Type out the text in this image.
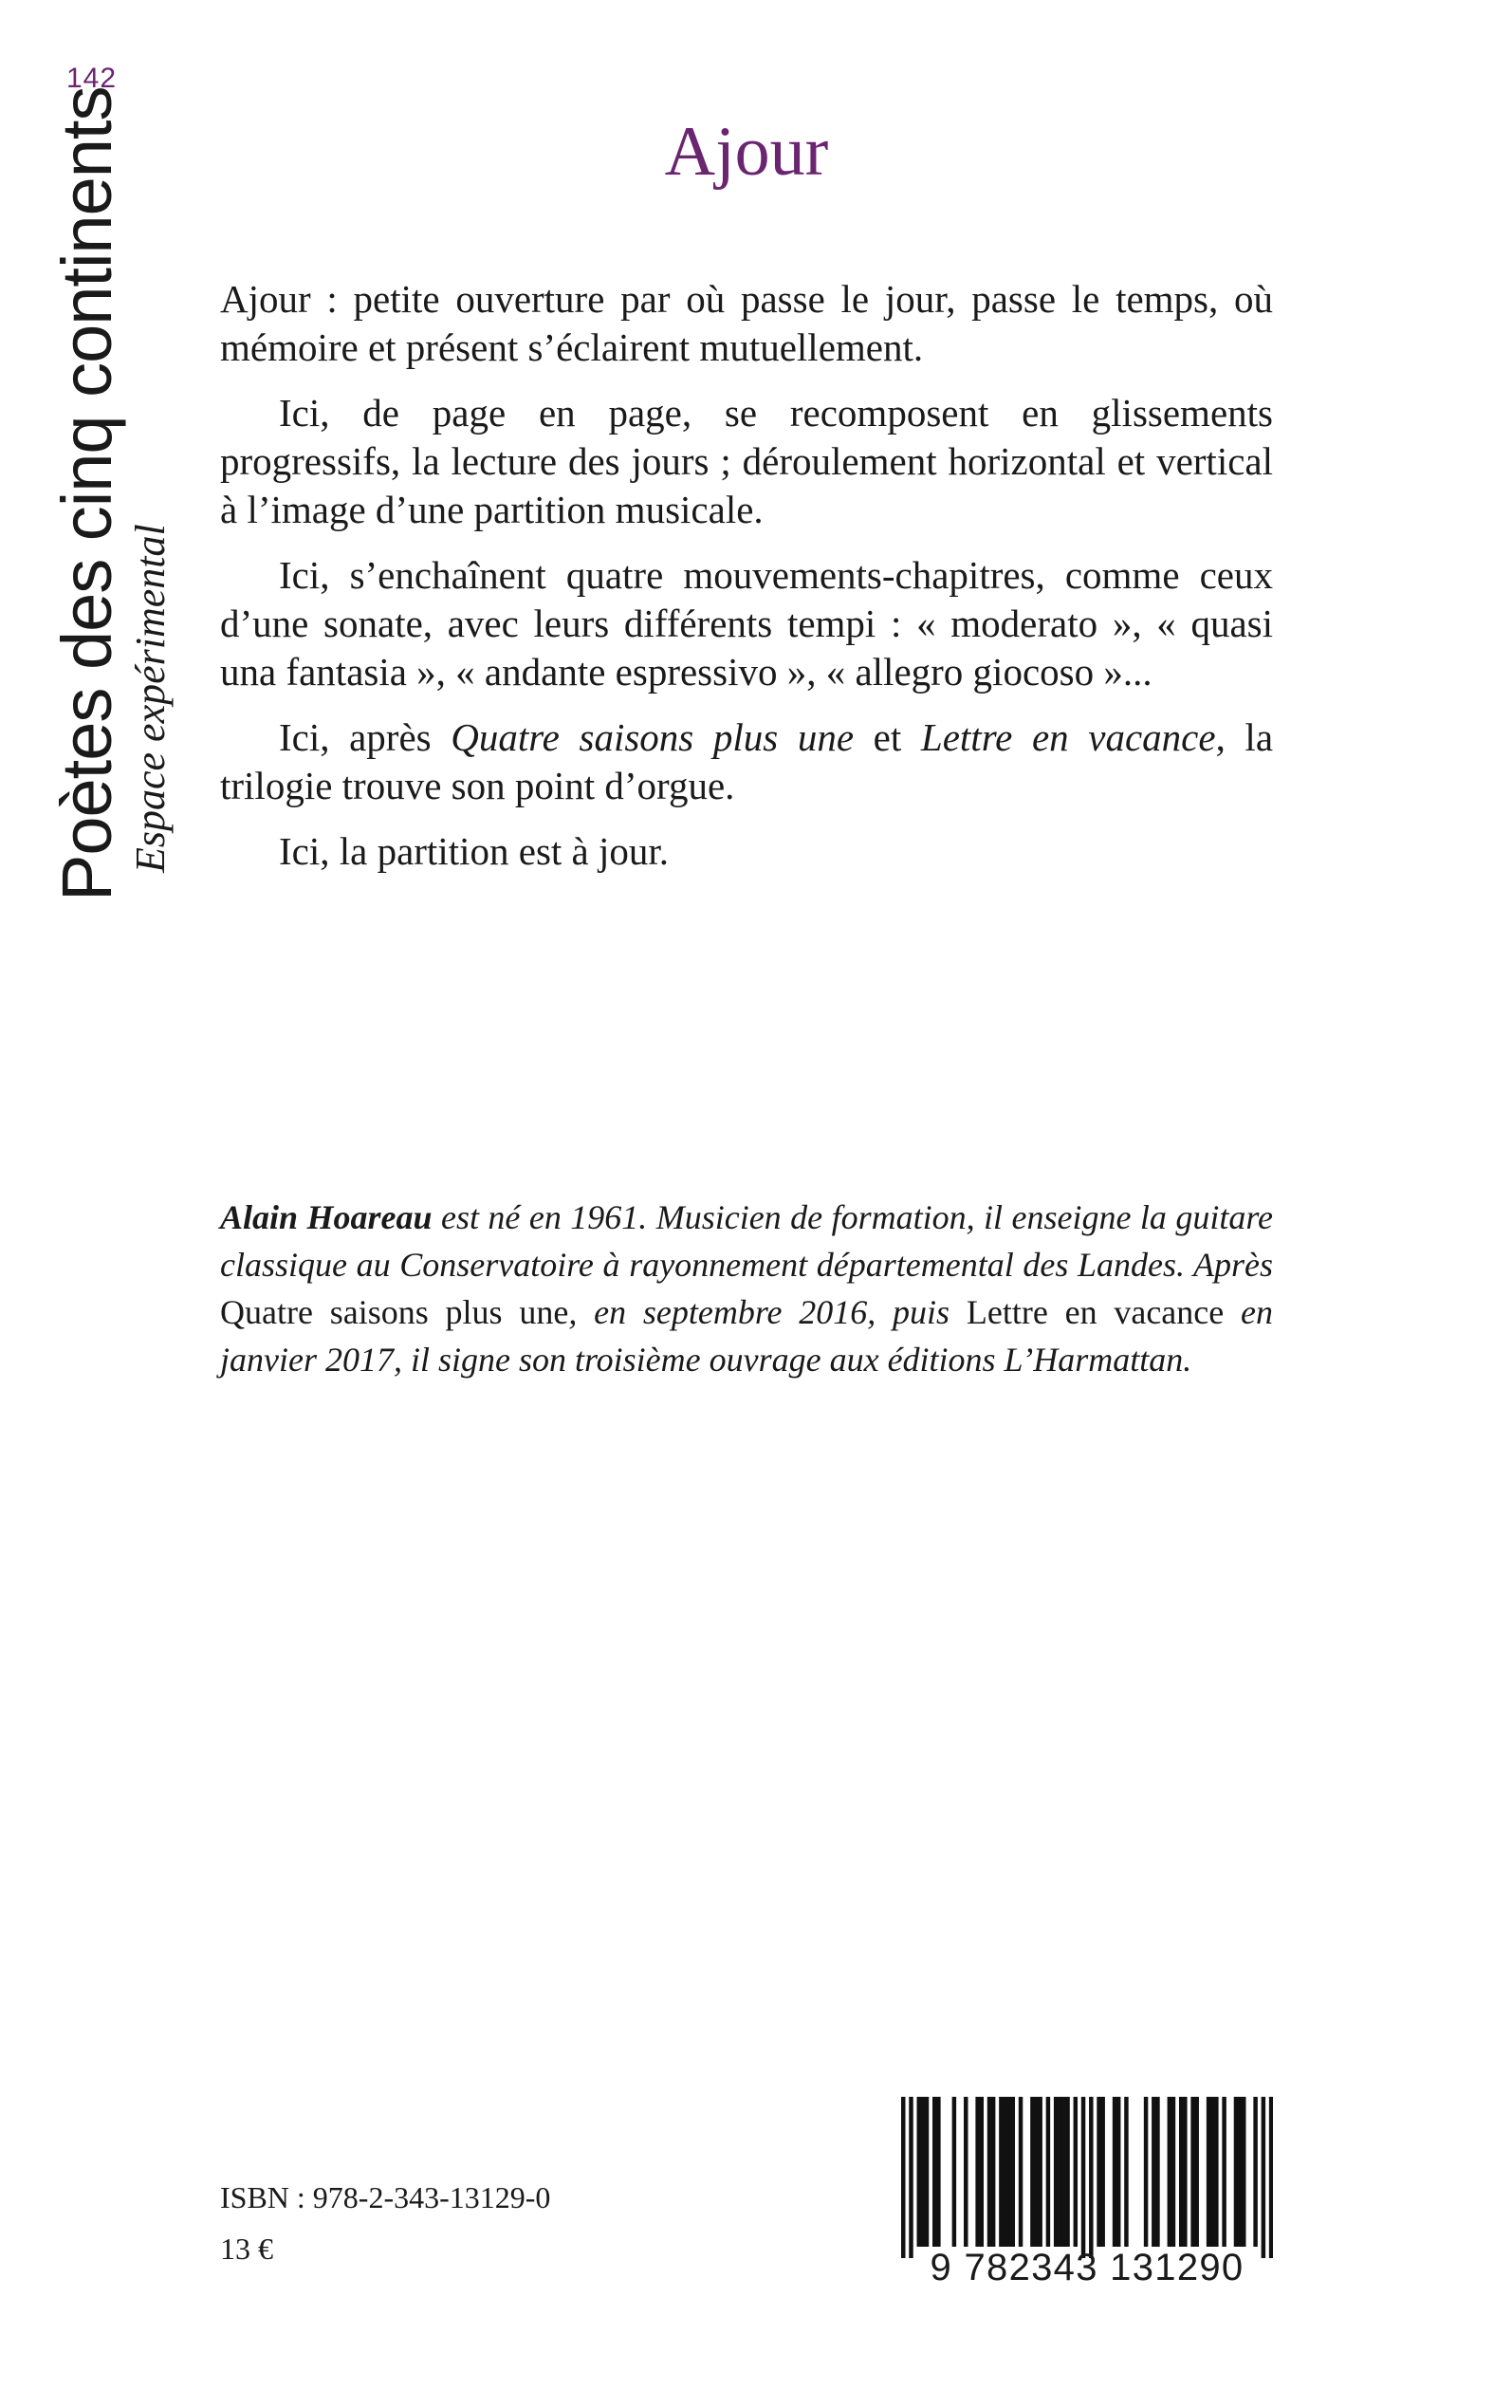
142
Poètes des cinq continents Espace expérimental
Ajour

Ajour : petite ouverture par où passe le jour, passe le temps, où mémoire et présent s’éclairent mutuellement.

Ici, de page en page, se recomposent en glissements progressifs, la lecture des jours ; déroulement horizontal et vertical à l’image d’une partition musicale.

Ici, s’enchaînent quatre mouvements-chapitres, comme ceux d’une sonate, avec leurs différents tempi : « moderato », « quasi una fantasia », « andante espressivo », « allegro giocoso »...

Ici, après Quatre saisons plus une et Lettre en vacance, la trilogie trouve son point d’orgue.

Ici, la partition est à jour.

Alain Hoareau est né en 1961. Musicien de formation, il enseigne la guitare classique au Conservatoire à rayonnement départemental des Landes. Après Quatre saisons plus une, en septembre 2016, puis Lettre en vacance en janvier 2017, il signe son troisième ouvrage aux éditions L’Harmattan.
ISBN : 978-2-343-13129-0
13 €	9 782343 131290
